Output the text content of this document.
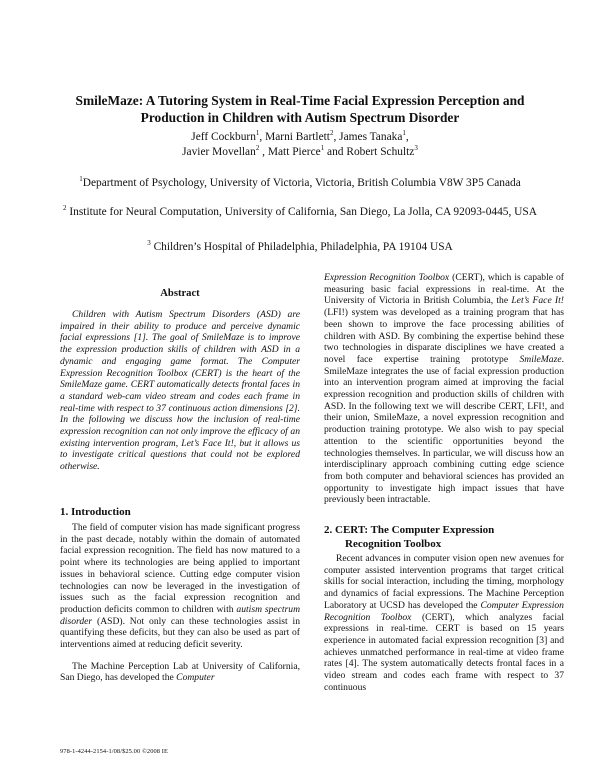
SmileMaze: A Tutoring System in Real-Time Facial Expression Perception and Production in Children with Autism Spectrum Disorder
Jeff Cockburn$^1$, Marni Bartlett$^2$, James Tanaka$^1$,
Javier Movellan$^2$ , Matt Pierce$^1$ and Robert Schultz$^3$
$^1$Department of Psychology, University of Victoria, Victoria, British Columbia V8W 3P5 Canada
$^2$ Institute for Neural Computation, University of California, San Diego, La Jolla, CA 92093-0445, USA
$^3$ Children’s Hospital of Philadelphia, Philadelphia, PA 19104 USA
Abstract

Children with Autism Spectrum Disorders (ASD) are impaired in their ability to produce and perceive dynamic facial expressions [1]. The goal of SmileMaze is to improve the expression production skills of children with ASD in a dynamic and engaging game format. The Computer Expression Recognition Toolbox (CERT) is the heart of the SmileMaze game. CERT automatically detects frontal faces in a standard web-cam video stream and codes each frame in real-time with respect to 37 continuous action dimensions [2]. In the following we discuss how the inclusion of real-time expression recognition can not only improve the efficacy of an existing intervention program, Let’s Face It!, but it allows us to investigate critical questions that could not be explored otherwise.

1. Introduction

The field of computer vision has made significant progress in the past decade, notably within the domain of automated facial expression recognition. The field has now matured to a point where its technologies are being applied to important issues in behavioral science. Cutting edge computer vision technologies can now be leveraged in the investigation of issues such as the facial expression recognition and production deficits common to children with autism spectrum disorder (ASD). Not only can these technologies assist in quantifying these deficits, but they can also be used as part of interventions aimed at reducing deficit severity.

The Machine Perception Lab at University of California, San Diego, has developed the Computer

Expression Recognition Toolbox (CERT), which is capable of measuring basic facial expressions in real-time. At the University of Victoria in British Columbia, the Let’s Face It! (LFI!) system was developed as a training program that has been shown to improve the face processing abilities of children with ASD. By combining the expertise behind these two technologies in disparate disciplines we have created a novel face expertise training prototype SmileMaze. SmileMaze integrates the use of facial expression production into an intervention program aimed at improving the facial expression recognition and production skills of children with ASD. In the following text we will describe CERT, LFI!, and their union, SmileMaze, a novel expression recognition and production training prototype. We also wish to pay special attention to the scientific opportunities beyond the technologies themselves. In particular, we will discuss how an interdisciplinary approach combining cutting edge science from both computer and behavioral sciences has provided an opportunity to investigate high impact issues that have previously been intractable.

2. CERT: The Computer Expression
Recognition Toolbox

Recent advances in computer vision open new avenues for computer assisted intervention programs that target critical skills for social interaction, including the timing, morphology and dynamics of facial expressions. The Machine Perception Laboratory at UCSD has developed the Computer Expression Recognition Toolbox (CERT), which analyzes facial expressions in real-time. CERT is based on 15 years experience in automated facial expression recognition [3] and achieves unmatched performance in real-time at video frame rates [4]. The system automatically detects frontal faces in a video stream and codes each frame with respect to 37 continuous

978-1-4244-2154-1/08/$25.00 ©2008 IE
